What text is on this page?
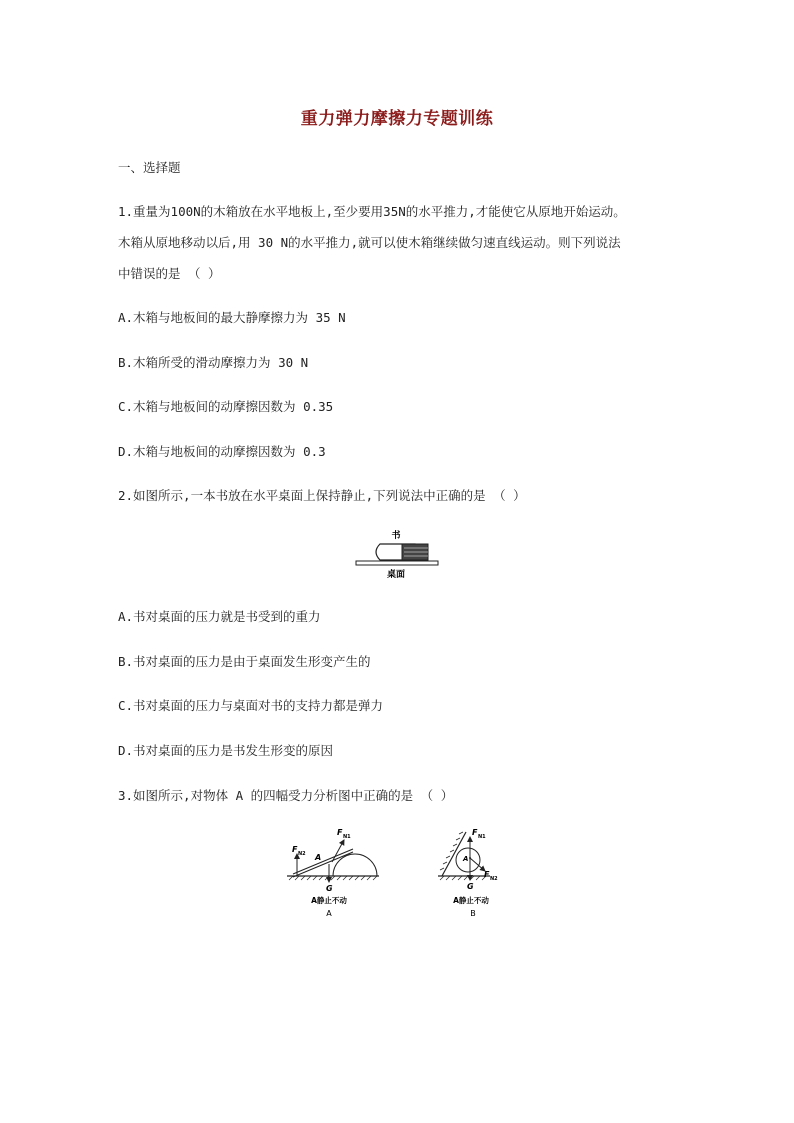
重力弹力摩擦力专题训练
一、选择题
1.重量为100N的木箱放在水平地板上,至少要用35N的水平推力,才能使它从原地开始运动。
木箱从原地移动以后,用 30 N的水平推力,就可以使木箱继续做匀速直线运动。则下列说法
中错误的是 （ ）
A.木箱与地板间的最大静摩擦力为 35 N
B.木箱所受的滑动摩擦力为 30 N
C.木箱与地板间的动摩擦因数为 0.35
D.木箱与地板间的动摩擦因数为 0.3
2.如图所示,一本书放在水平桌面上保持静止,下列说法中正确的是 （ ）
书
桌面
A.书对桌面的压力就是书受到的重力
B.书对桌面的压力是由于桌面发生形变产生的
C.书对桌面的压力与桌面对书的支持力都是弹力
D.书对桌面的压力是书发生形变的原因
3.如图所示,对物体 A 的四幅受力分析图中正确的是 （ ）
F N2
F N1
A
G
A静止不动
A
F N1
F N2
A
G
A静止不动
B
